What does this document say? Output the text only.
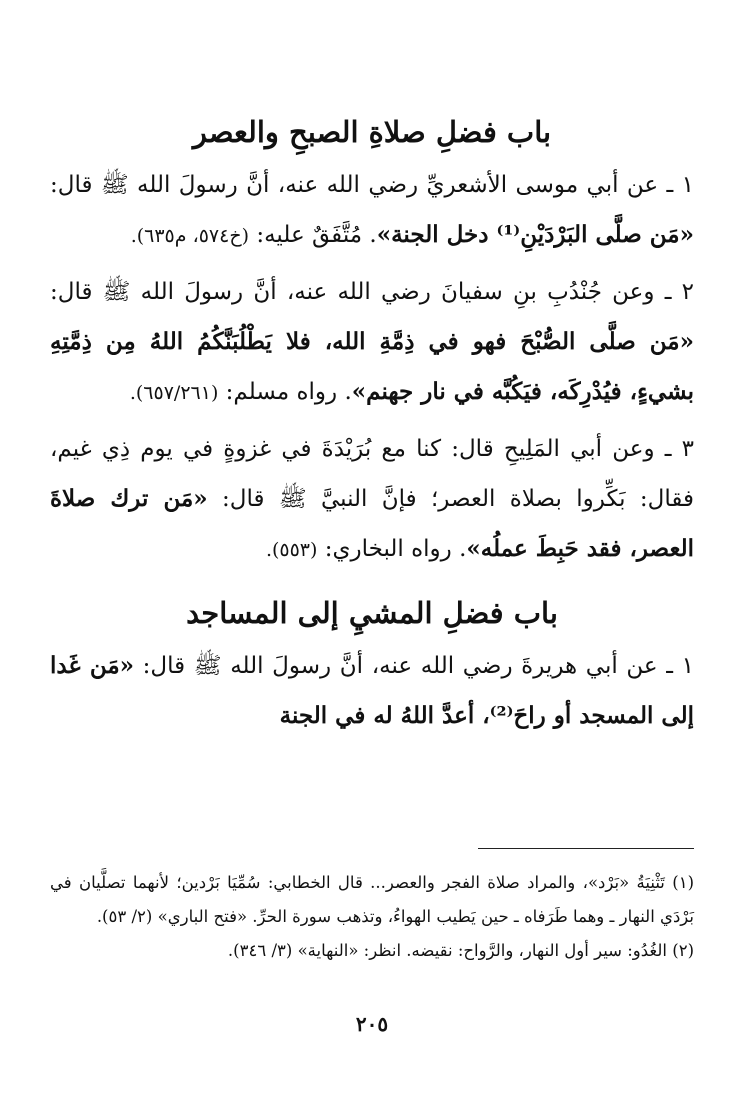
باب فضلِ صلاةِ الصبحِ والعصر

١ ـ عن أبي موسى الأشعريِّ رضي الله عنه، أنَّ رسولَ الله ﷺ قال: «مَن صلَّى البَرْدَيْنِ⁽¹⁾ دخل الجنة». مُتَّفَقٌ عليه: (خ٥٧٤، م٦٣٥).

٢ ـ وعن جُنْدُبِ بنِ سفيانَ رضي الله عنه، أنَّ رسولَ الله ﷺ قال: «مَن صلَّى الصُّبْحَ فهو في ذِمَّةِ الله، فلا يَطْلُبَنَّكُمُ اللهُ مِن ذِمَّتِهِ بشيءٍ، فيُدْرِكَه، فيَكُبَّه في نار جهنم». رواه مسلم: (٦٥٧/٢٦١).

٣ ـ وعن أبي المَلِيحِ قال: كنا مع بُرَيْدَةَ في غزوةٍ في يوم ذِي غيم، فقال: بَكِّروا بصلاة العصر؛ فإنَّ النبيَّ ﷺ قال: «مَن ترك صلاةَ العصر، فقد حَبِطَ عملُه». رواه البخاري: (٥٥٣).

باب فضلِ المشيِ إلى المساجد

١ ـ عن أبي هريرةَ رضي الله عنه، أنَّ رسولَ الله ﷺ قال: «مَن غَدا إلى المسجد أو راحَ⁽²⁾، أعدَّ اللهُ له في الجنة

(١) تَثْنِيَةُ «بَرْد»، والمراد صلاة الفجر والعصر... قال الخطابي: سُمِّيَا بَرْدين؛ لأنهما تصلَّيان في بَرْدَي النهار ـ وهما طَرَفاه ـ حين يَطيب الهواءُ، وتذهب سورة الحرِّ. «فتح الباري» (٢/ ٥٣).

(٢) الغُدُو: سير أول النهار، والرَّواح: نقيضه. انظر: «النهاية» (٣/ ٣٤٦).

٢٠٥
